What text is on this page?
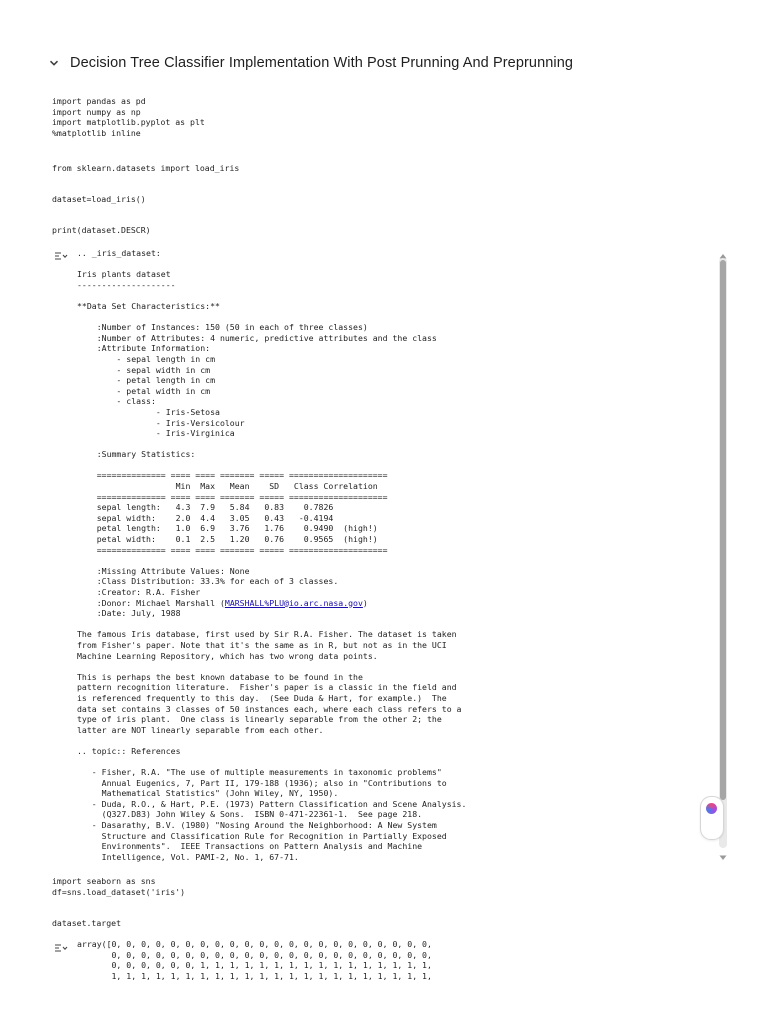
Decision Tree Classifier Implementation With Post Prunning And Preprunning
import pandas as pd
import numpy as np
import matplotlib.pyplot as plt
%matplotlib inline
from sklearn.datasets import load_iris
dataset=load_iris()
print(dataset.DESCR)
.. _iris_dataset:

Iris plants dataset
--------------------

**Data Set Characteristics:**

:Number of Instances: 150 (50 in each of three classes)
:Number of Attributes: 4 numeric, predictive attributes and the class
:Attribute Information:
- sepal length in cm
- sepal width in cm
- petal length in cm
- petal width in cm
- class:
- Iris-Setosa
- Iris-Versicolour
- Iris-Virginica

:Summary Statistics:

============== ==== ==== ======= ===== ====================
Min  Max   Mean    SD   Class Correlation
============== ==== ==== ======= ===== ====================
sepal length:   4.3  7.9   5.84   0.83    0.7826
sepal width:    2.0  4.4   3.05   0.43   -0.4194
petal length:   1.0  6.9   3.76   1.76    0.9490  (high!)
petal width:    0.1  2.5   1.20   0.76    0.9565  (high!)
============== ==== ==== ======= ===== ====================

:Missing Attribute Values: None
:Class Distribution: 33.3% for each of 3 classes.
:Creator: R.A. Fisher
:Donor: Michael Marshall (MARSHALL%PLU@io.arc.nasa.gov)
:Date: July, 1988

The famous Iris database, first used by Sir R.A. Fisher. The dataset is taken
from Fisher's paper. Note that it's the same as in R, but not as in the UCI
Machine Learning Repository, which has two wrong data points.

This is perhaps the best known database to be found in the
pattern recognition literature.  Fisher's paper is a classic in the field and
is referenced frequently to this day.  (See Duda & Hart, for example.)  The
data set contains 3 classes of 50 instances each, where each class refers to a
type of iris plant.  One class is linearly separable from the other 2; the
latter are NOT linearly separable from each other.

.. topic:: References

- Fisher, R.A. "The use of multiple measurements in taxonomic problems"
Annual Eugenics, 7, Part II, 179-188 (1936); also in "Contributions to
Mathematical Statistics" (John Wiley, NY, 1950).
- Duda, R.O., & Hart, P.E. (1973) Pattern Classification and Scene Analysis.
(Q327.D83) John Wiley & Sons.  ISBN 0-471-22361-1.  See page 218.
- Dasarathy, B.V. (1980) "Nosing Around the Neighborhood: A New System
Structure and Classification Rule for Recognition in Partially Exposed
Environments".  IEEE Transactions on Pattern Analysis and Machine
Intelligence, Vol. PAMI-2, No. 1, 67-71.
import seaborn as sns
df=sns.load_dataset('iris')
dataset.target
array([0, 0, 0, 0, 0, 0, 0, 0, 0, 0, 0, 0, 0, 0, 0, 0, 0, 0, 0, 0, 0, 0,
0, 0, 0, 0, 0, 0, 0, 0, 0, 0, 0, 0, 0, 0, 0, 0, 0, 0, 0, 0, 0, 0,
0, 0, 0, 0, 0, 0, 1, 1, 1, 1, 1, 1, 1, 1, 1, 1, 1, 1, 1, 1, 1, 1,
1, 1, 1, 1, 1, 1, 1, 1, 1, 1, 1, 1, 1, 1, 1, 1, 1, 1, 1, 1, 1, 1,
